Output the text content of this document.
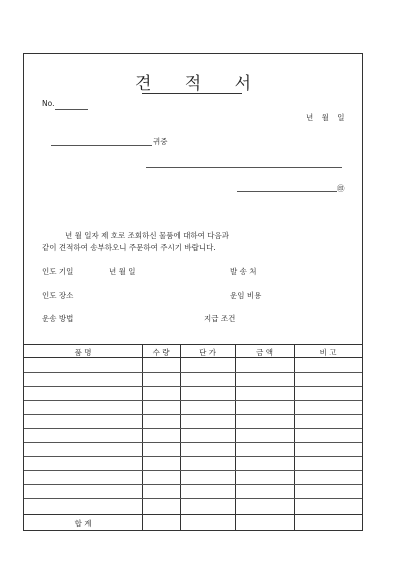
견 적 서
No.
년 월 일
귀중
㊞
년 월 일자 제 호로 조회하신 물품에 대하여 다음과
같이 견적하여 송부하오니 주문하여 주시기 바랍니다.
인도 기일	년 월 일	발 송 처
인도 장소	운임 비용
운송 방법	지급 조건
품 명	수 량	단 가	금 액	비 고
합 계
